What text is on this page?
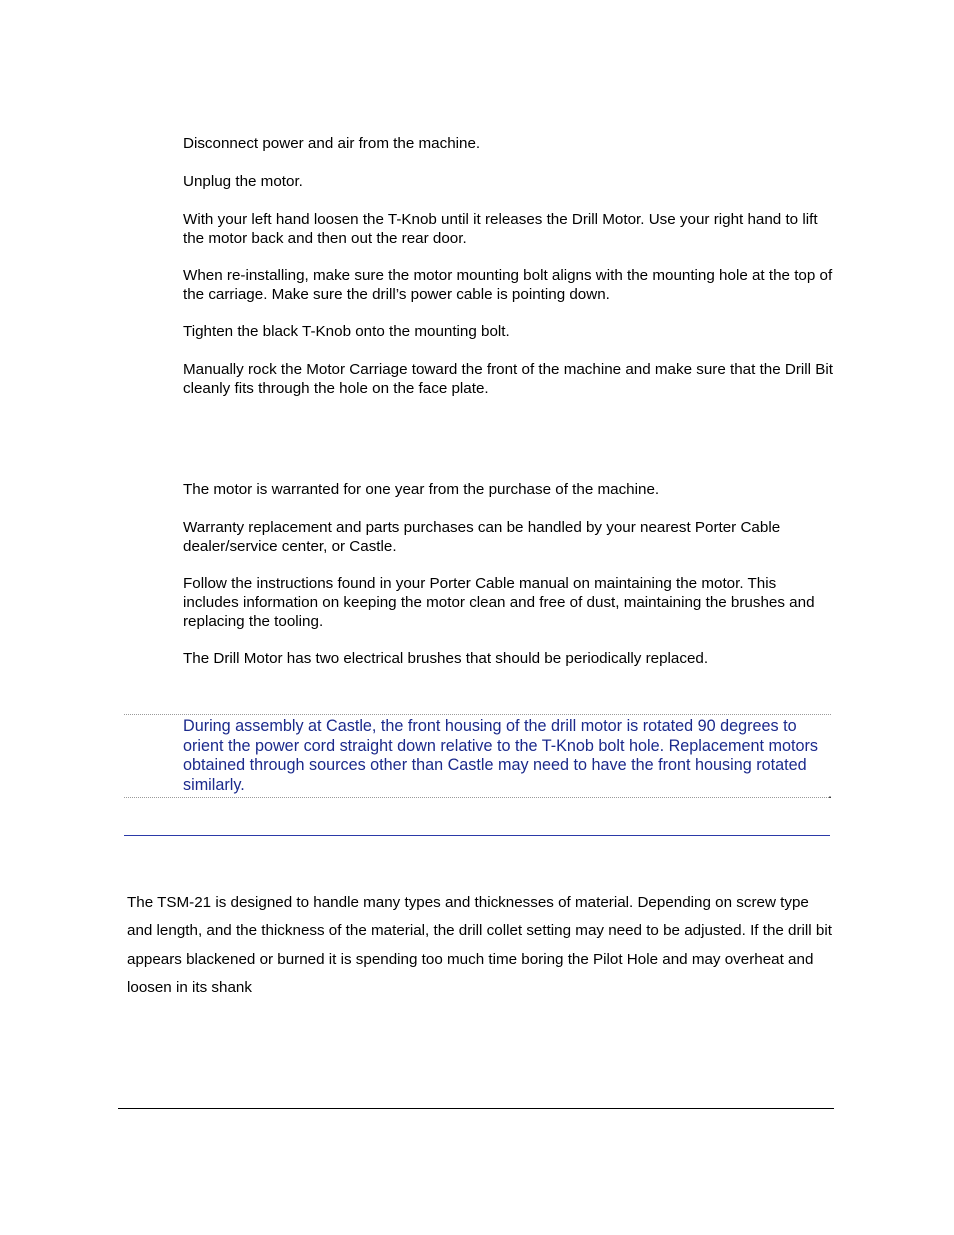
Disconnect power and air from the machine.

Unplug the motor.

With your left hand loosen the T-Knob until it releases the Drill Motor. Use your right hand to lift the motor back and then out the rear door.

When re-installing, make sure the motor mounting bolt aligns with the mounting hole at the top of the carriage. Make sure the drill’s power cable is pointing down.

Tighten the black T-Knob onto the mounting bolt.

Manually rock the Motor Carriage toward the front of the machine and make sure that the Drill Bit cleanly fits through the hole on the face plate.

The motor is warranted for one year from the purchase of the machine.

Warranty replacement and parts purchases can be handled by your nearest Porter Cable dealer/service center, or Castle.

Follow the instructions found in your Porter Cable manual on maintaining the motor. This includes information on keeping the motor clean and free of dust, maintaining the brushes and replacing the tooling.

The Drill Motor has two electrical brushes that should be periodically replaced.

During assembly at Castle, the front housing of the drill motor is rotated 90 degrees to orient the power cord straight down relative to the T-Knob bolt hole. Replacement motors obtained through sources other than Castle may need to have the front housing rotated similarly.	.

The TSM-21 is designed to handle many types and thicknesses of material. Depending on screw type and length, and the thickness of the material, the drill collet setting may need to be adjusted. If the drill bit appears blackened or burned it is spending too much time boring the Pilot Hole and may overheat and loosen in its shank
